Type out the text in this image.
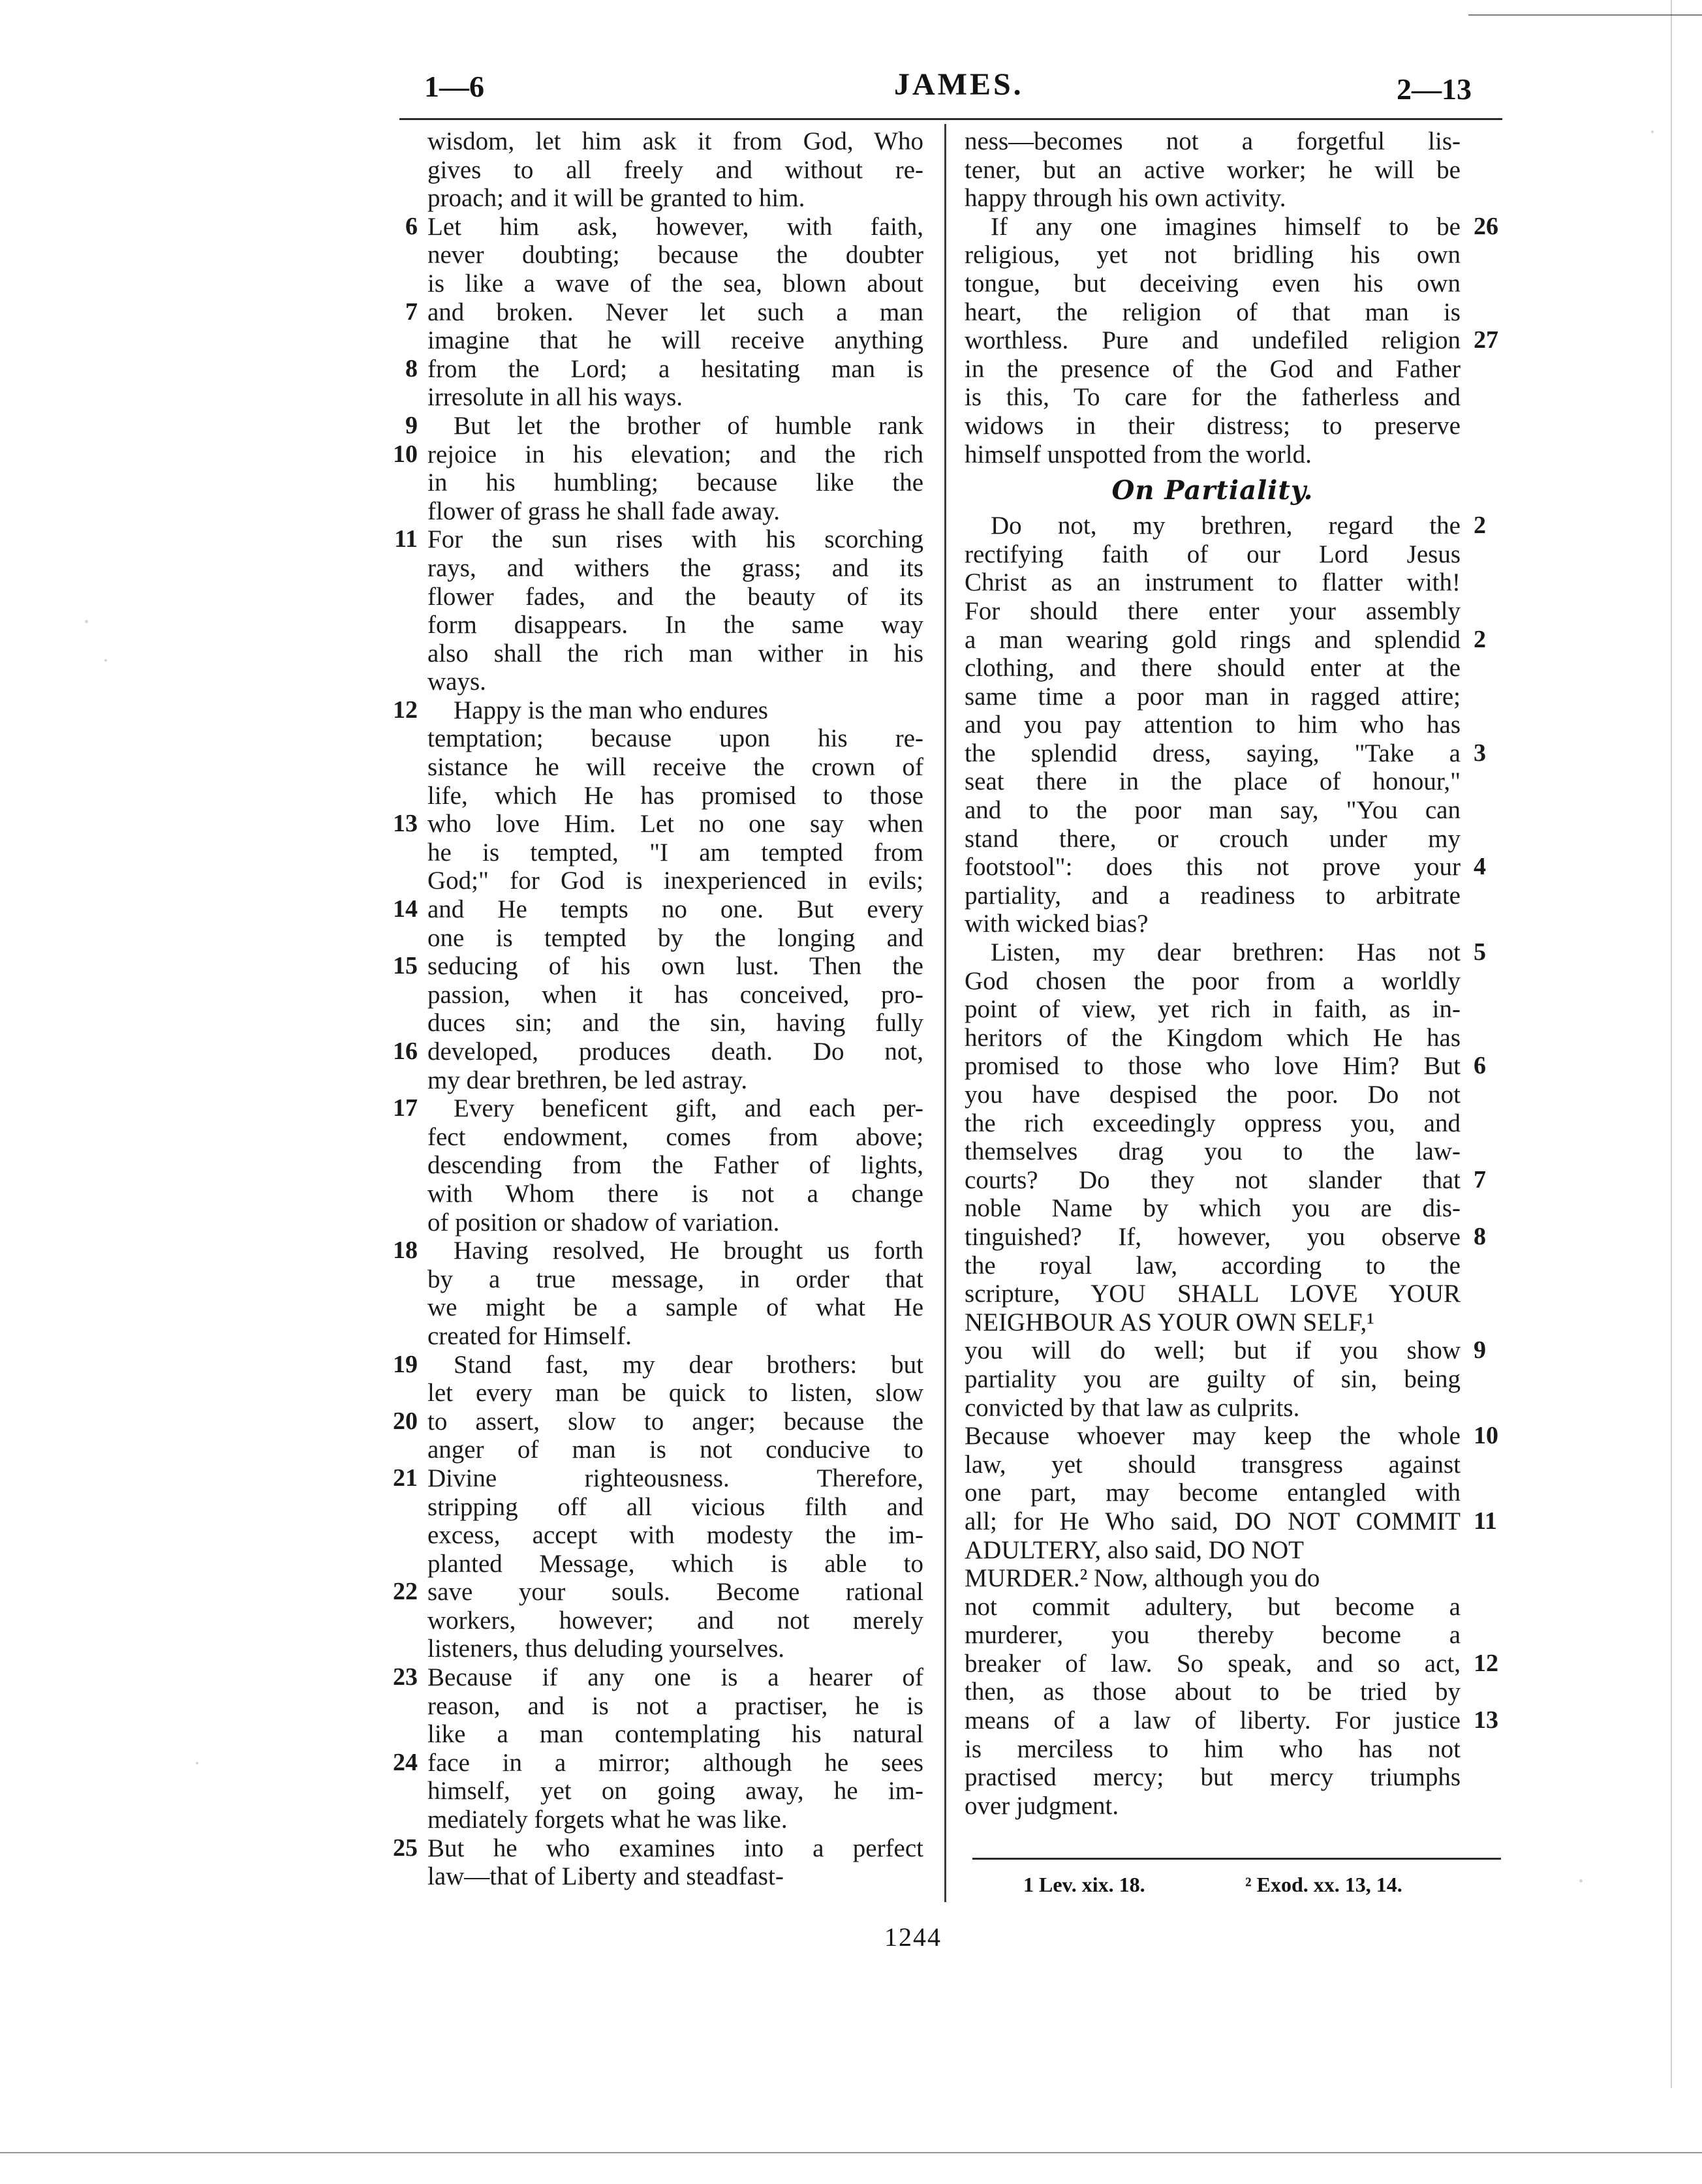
1—6	JAMES.	2—13
wisdom, let him ask it from God, Who
gives to all freely and without re-
proach; and it will be granted to him.
Let him ask, however, with faith,
6
never doubting; because the doubter
is like a wave of the sea, blown about
and broken. Never let such a man
7
imagine that he will receive anything
from the Lord; a hesitating man is
8
irresolute in all his ways.
But let the brother of humble rank
9
rejoice in his elevation; and the rich
10
in his humbling; because like the
flower of grass he shall fade away.
For the sun rises with his scorching
11
rays, and withers the grass; and its
flower fades, and the beauty of its
form disappears. In the same way
also shall the rich man wither in his
ways.
Happy is the man who endures
12
temptation; because upon his re-
sistance he will receive the crown of
life, which He has promised to those
who love Him. Let no one say when
13
he is tempted, "I am tempted from
God;" for God is inexperienced in evils;
and He tempts no one. But every
14
one is tempted by the longing and
seducing of his own lust. Then the
15
passion, when it has conceived, pro-
duces sin; and the sin, having fully
developed, produces death. Do not,
16
my dear brethren, be led astray.
Every beneficent gift, and each per-
17
fect endowment, comes from above;
descending from the Father of lights,
with Whom there is not a change
of position or shadow of variation.
Having resolved, He brought us forth
18
by a true message, in order that
we might be a sample of what He
created for Himself.
Stand fast, my dear brothers: but
19
let every man be quick to listen, slow
to assert, slow to anger; because the
20
anger of man is not conducive to
Divine righteousness. Therefore,
21
stripping off all vicious filth and
excess, accept with modesty the im-
planted Message, which is able to
save your souls. Become rational
22
workers, however; and not merely
listeners, thus deluding yourselves.
Because if any one is a hearer of
23
reason, and is not a practiser, he is
like a man contemplating his natural
face in a mirror; although he sees
24
himself, yet on going away, he im-
mediately forgets what he was like.
But he who examines into a perfect
25
law—that of Liberty and steadfast-
ness—becomes not a forgetful lis-
tener, but an active worker; he will be
happy through his own activity.
If any one imagines himself to be 26
religious, yet not bridling his own
tongue, but deceiving even his own
heart, the religion of that man is
worthless. Pure and undefiled religion 27
in the presence of the God and Father
is this, To care for the fatherless and
widows in their distress; to preserve
himself unspotted from the world.
On Partiality.
Do not, my brethren, regard the 2
rectifying faith of our Lord Jesus
Christ as an instrument to flatter with!
For should there enter your assembly
a man wearing gold rings and splendid 2
clothing, and there should enter at the
same time a poor man in ragged attire;
and you pay attention to him who has
the splendid dress, saying, "Take a 3
seat there in the place of honour,"
and to the poor man say, "You can
stand there, or crouch under my
footstool": does this not prove your 4
partiality, and a readiness to arbitrate
with wicked bias?
Listen, my dear brethren: Has not 5
God chosen the poor from a worldly
point of view, yet rich in faith, as in-
heritors of the Kingdom which He has
promised to those who love Him? But 6
you have despised the poor. Do not
the rich exceedingly oppress you, and
themselves drag you to the law-
courts? Do they not slander that 7
noble Name by which you are dis-
tinguished? If, however, you observe 8
the royal law, according to the
scripture, YOU SHALL LOVE YOUR
NEIGHBOUR AS YOUR OWN SELF,¹
you will do well; but if you show 9
partiality you are guilty of sin, being
convicted by that law as culprits.
Because whoever may keep the whole 10
law, yet should transgress against
one part, may become entangled with
all; for He Who said, DO NOT COMMIT 11
ADULTERY, also said, DO NOT
MURDER.² Now, although you do
not commit adultery, but become a
murderer, you thereby become a
breaker of law. So speak, and so act, 12
then, as those about to be tried by
means of a law of liberty. For justice 13
is merciless to him who has not
practised mercy; but mercy triumphs
over judgment.
1 Lev. xix. 18.	² Exod. xx. 13, 14.
1244
